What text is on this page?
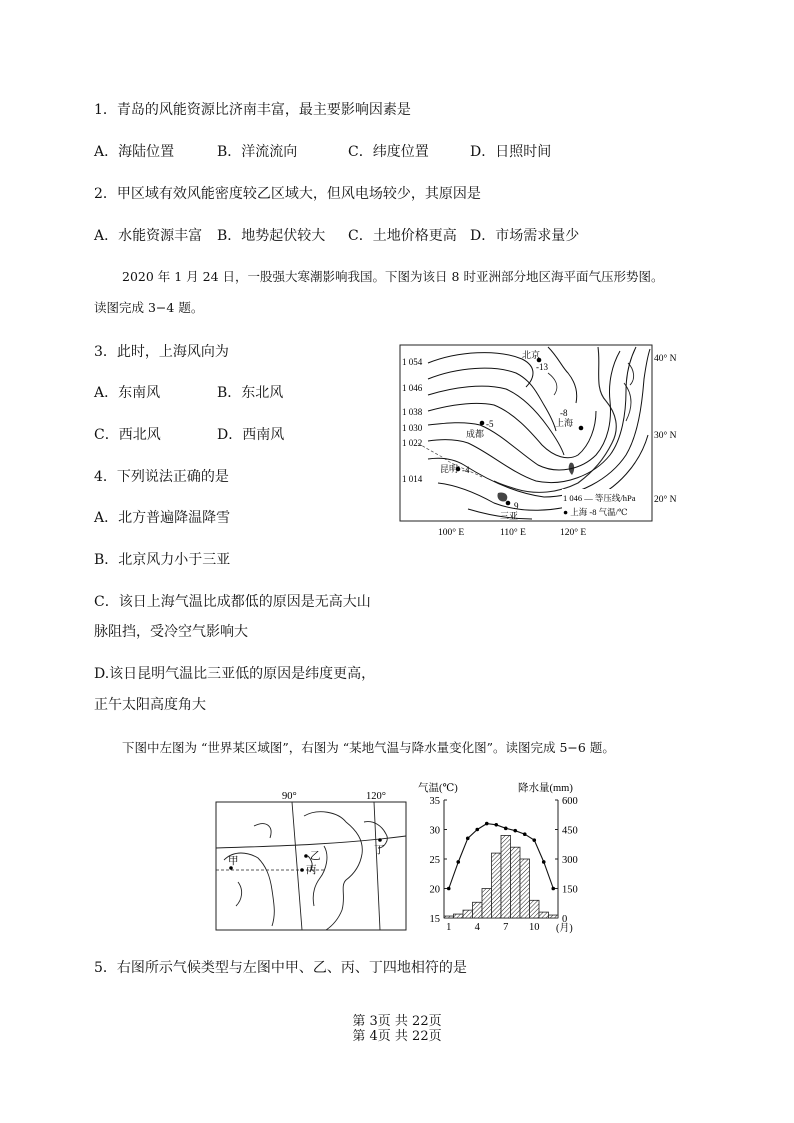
1．青岛的风能资源比济南丰富，最主要影响因素是
A．海陆位置	B．洋流流向	C．纬度位置	D．日照时间
2．甲区域有效风能密度较乙区域大，但风电场较少，其原因是
A．水能资源丰富 B．地势起伏较大 C．土地价格更高 D．市场需求量少
2020 年 1 月 24 日，一股强大寒潮影响我国。下图为该日 8 时亚洲部分地区海平面气压形势图。
读图完成 3−4 题。
3．此时，上海风向为
A．东南风	B．东北风
C．西北风	D．西南风
4．下列说法正确的是
A．北方普遍降温降雪
B．北京风力小于三亚
C．该日上海气温比成都低的原因是无高大山
脉阻挡，受冷空气影响大
D.该日昆明气温比三亚低的原因是纬度更高，
正午太阳高度角大
1 054
1 046
1 038
1 030
1 022
1 014
北京
-13
成都
-5	上海
-8
昆明 -4
三亚
9
1 046 — 等压线/hPa
● 上海 -8 气温/℃
40° N
30° N
20° N
100° E	110° E	120° E
下图中左图为 “世界某区域图”，右图为 “某地气温与降水量变化图”。读图完成 5−6 题。
90°	120°
甲	乙
丙
丁
气温(℃)	降水量(mm)
35
30
25
20
15
600
450
300
150
0
1 4 7 10 (月)
5．右图所示气候类型与左图中甲、乙、丙、丁四地相符的是
第 3页 共 22页
第 4页 共 22页
